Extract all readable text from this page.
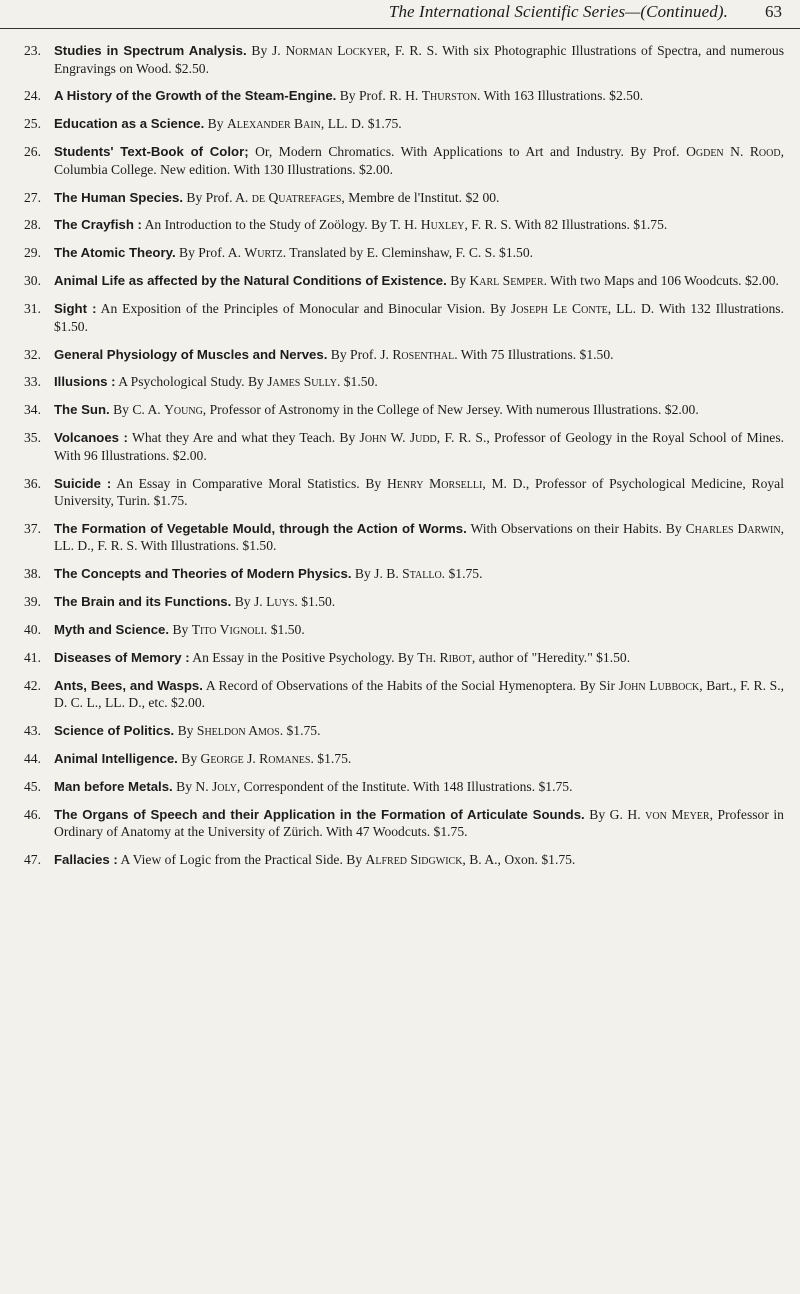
The International Scientific Series—(Continued). 63
23. Studies in Spectrum Analysis. By J. Norman Lockyer, F. R. S. With six Photographic Illustrations of Spectra, and numerous Engravings on Wood. $2.50.
24. A History of the Growth of the Steam-Engine. By Prof. R. H. Thurston. With 163 Illustrations. $2.50.
25. Education as a Science. By Alexander Bain, LL. D. $1.75.
26. Students' Text-Book of Color; Or, Modern Chromatics. With Applications to Art and Industry. By Prof. Ogden N. Rood, Columbia College. New edition. With 130 Illustrations. $2.00.
27. The Human Species. By Prof. A. de Quatrefages, Membre de l'Institut. $2 00.
28. The Crayfish : An Introduction to the Study of Zoölogy. By T. H. Huxley, F. R. S. With 82 Illustrations. $1.75.
29. The Atomic Theory. By Prof. A. Wurtz. Translated by E. Cleminshaw, F. C. S. $1.50.
30. Animal Life as affected by the Natural Conditions of Existence. By Karl Semper. With two Maps and 106 Woodcuts. $2.00.
31. Sight : An Exposition of the Principles of Monocular and Binocular Vision. By Joseph Le Conte, LL. D. With 132 Illustrations. $1.50.
32. General Physiology of Muscles and Nerves. By Prof. J. Rosenthal. With 75 Illustrations. $1.50.
33. Illusions : A Psychological Study. By James Sully. $1.50.
34. The Sun. By C. A. Young, Professor of Astronomy in the College of New Jersey. With numerous Illustrations. $2.00.
35. Volcanoes : What they Are and what they Teach. By John W. Judd, F. R. S., Professor of Geology in the Royal School of Mines. With 96 Illustrations. $2.00.
36. Suicide : An Essay in Comparative Moral Statistics. By Henry Morselli, M. D., Professor of Psychological Medicine, Royal University, Turin. $1.75.
37. The Formation of Vegetable Mould, through the Action of Worms. With Observations on their Habits. By Charles Darwin, LL. D., F. R. S. With Illustrations. $1.50.
38. The Concepts and Theories of Modern Physics. By J. B. Stallo. $1.75.
39. The Brain and its Functions. By J. Luys. $1.50.
40. Myth and Science. By Tito Vignoli. $1.50.
41. Diseases of Memory : An Essay in the Positive Psychology. By Th. Ribot, author of "Heredity." $1.50.
42. Ants, Bees, and Wasps. A Record of Observations of the Habits of the Social Hymenoptera. By Sir John Lubbock, Bart., F. R. S., D. C. L., LL. D., etc. $2.00.
43. Science of Politics. By Sheldon Amos. $1.75.
44. Animal Intelligence. By George J. Romanes. $1.75.
45. Man before Metals. By N. Joly, Correspondent of the Institute. With 148 Illustrations. $1.75.
46. The Organs of Speech and their Application in the Formation of Articulate Sounds. By G. H. von Meyer, Professor in Ordinary of Anatomy at the University of Zürich. With 47 Woodcuts. $1.75.
47. Fallacies : A View of Logic from the Practical Side. By Alfred Sidgwick, B. A., Oxon. $1.75.
